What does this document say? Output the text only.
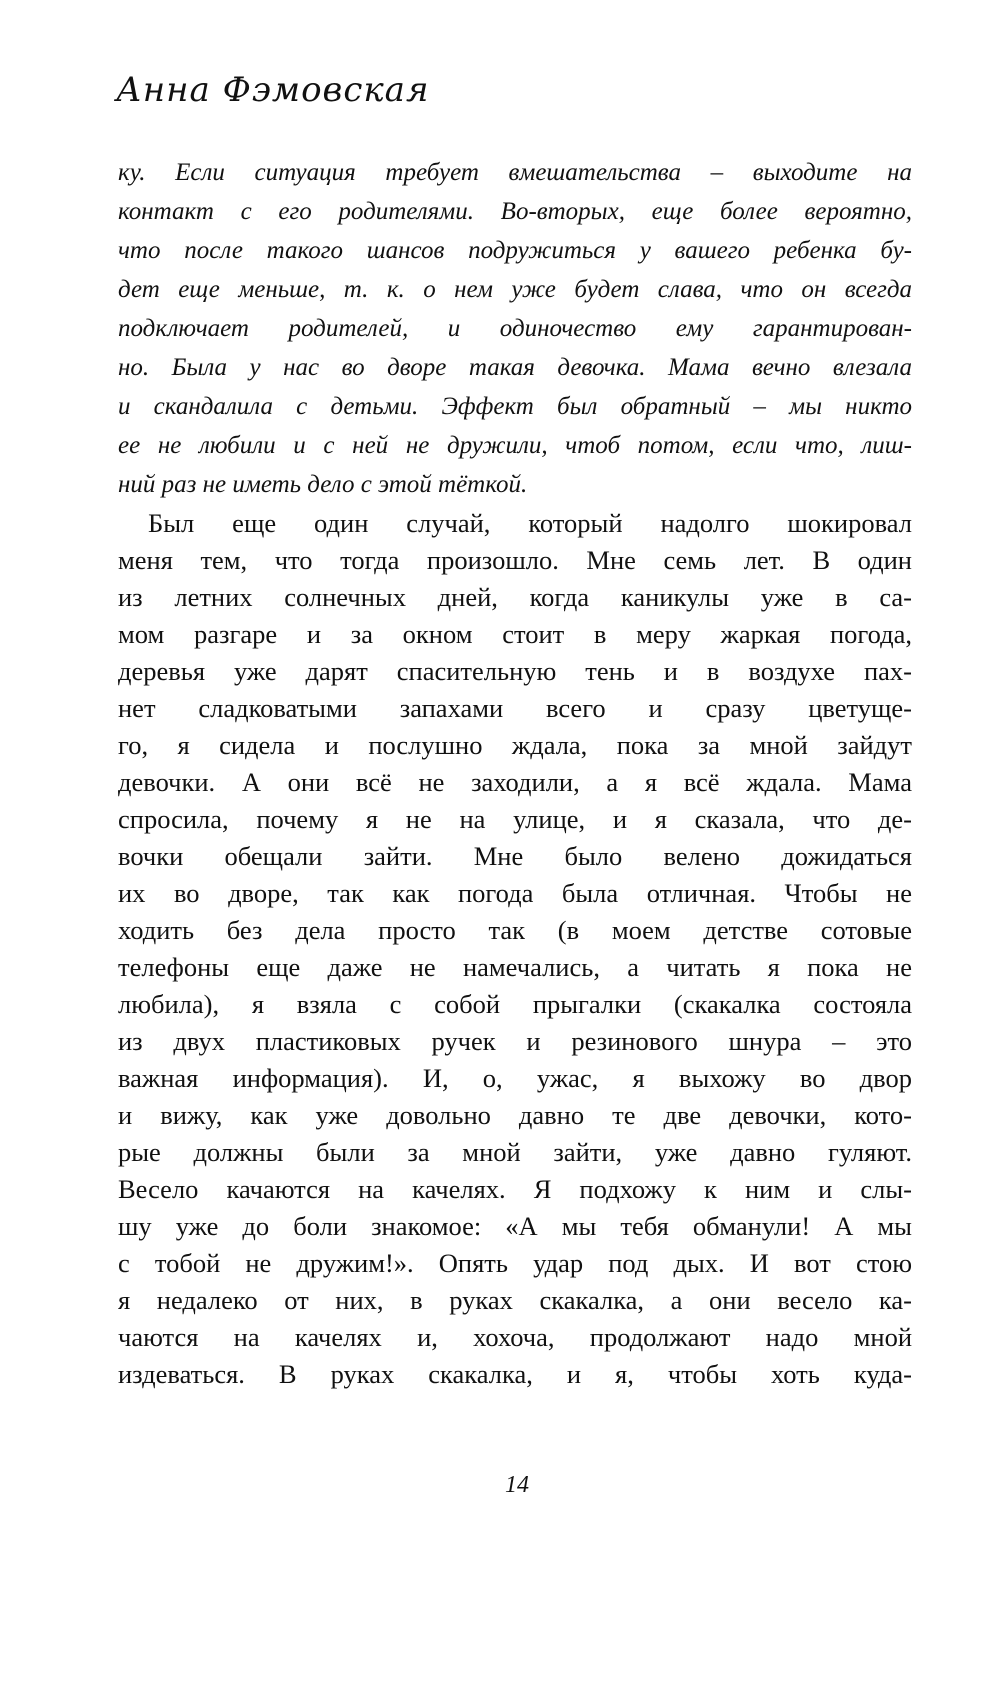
Анна Фэмовская
ку. Если ситуация требует вмешательства – выходите на
контакт с его родителями. Во-вторых, еще более вероятно,
что после такого шансов подружиться у вашего ребенка бу-
дет еще меньше, т. к. о нем уже будет слава, что он всегда
подключает родителей, и одиночество ему гарантирован-
но. Была у нас во дворе такая девочка. Мама вечно влезала
и скандалила с детьми. Эффект был обратный – мы никто
ее не любили и с ней не дружили, чтоб потом, если что, лиш-
ний раз не иметь дело с этой тёткой.
Был еще один случай, который надолго шокировал
меня тем, что тогда произошло. Мне семь лет. В один
из летних солнечных дней, когда каникулы уже в са-
мом разгаре и за окном стоит в меру жаркая погода,
деревья уже дарят спасительную тень и в воздухе пах-
нет сладковатыми запахами всего и сразу цветуще-
го, я сидела и послушно ждала, пока за мной зайдут
девочки. А они всё не заходили, а я всё ждала. Мама
спросила, почему я не на улице, и я сказала, что де-
вочки обещали зайти. Мне было велено дожидаться
их во дворе, так как погода была отличная. Чтобы не
ходить без дела просто так (в моем детстве сотовые
телефоны еще даже не намечались, а читать я пока не
любила), я взяла с собой прыгалки (скакалка состояла
из двух пластиковых ручек и резинового шнура – это
важная информация). И, о, ужас, я выхожу во двор
и вижу, как уже довольно давно те две девочки, кото-
рые должны были за мной зайти, уже давно гуляют.
Весело качаются на качелях. Я подхожу к ним и слы-
шу уже до боли знакомое: «А мы тебя обманули! А мы
с тобой не дружим!». Опять удар под дых. И вот стою
я недалеко от них, в руках скакалка, а они весело ка-
чаются на качелях и, хохоча, продолжают надо мной
издеваться. В руках скакалка, и я, чтобы хоть куда-
14
